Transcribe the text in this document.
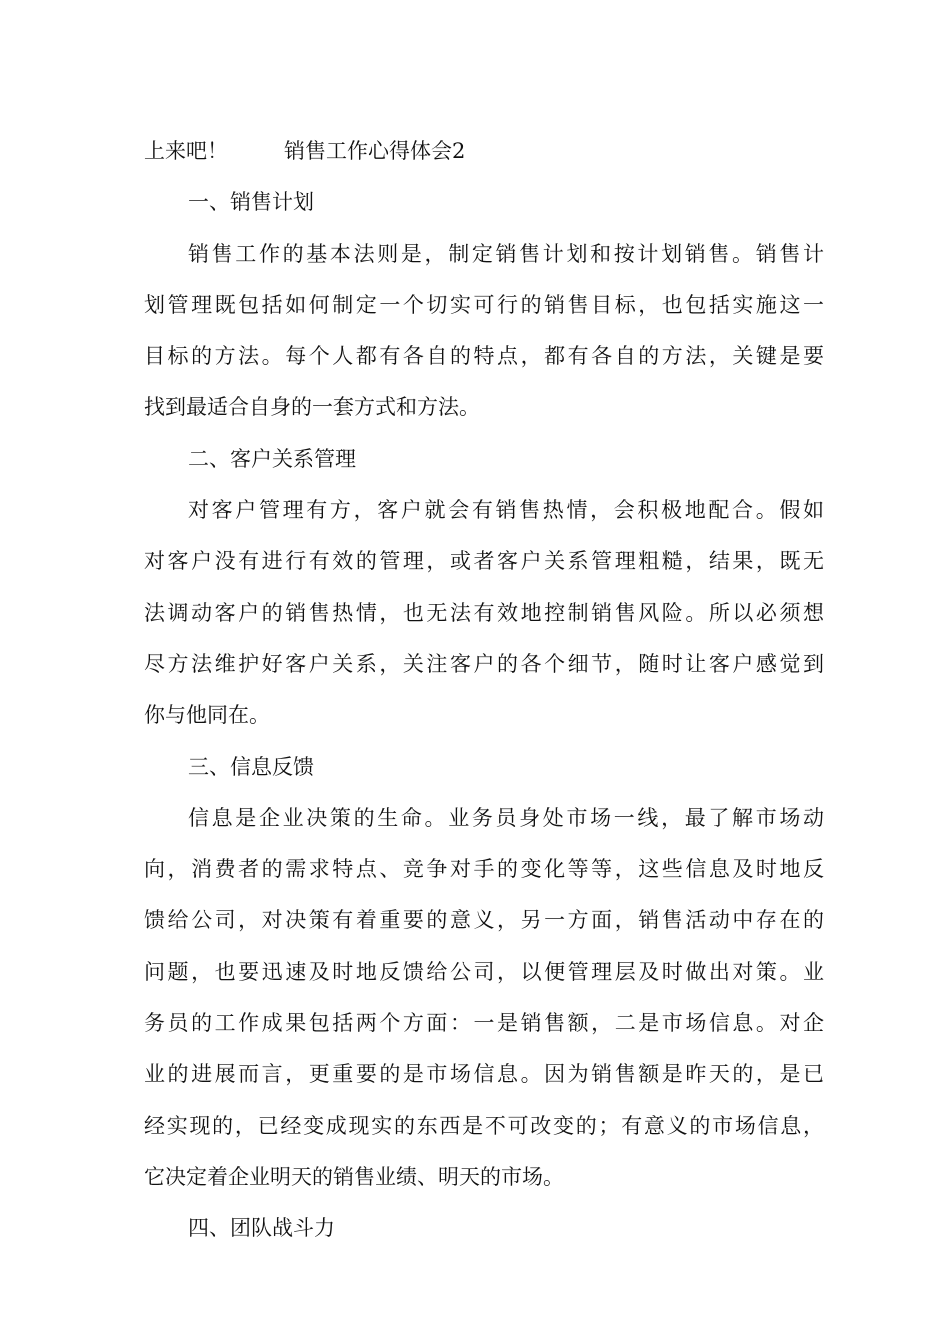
上来吧！	销售工作心得体会2
一、销售计划
销售工作的基本法则是，制定销售计划和按计划销售。销售计
划管理既包括如何制定一个切实可行的销售目标，也包括实施这一
目标的方法。每个人都有各自的特点，都有各自的方法，关键是要
找到最适合自身的一套方式和方法。
二、客户关系管理
对客户管理有方，客户就会有销售热情，会积极地配合。假如
对客户没有进行有效的管理，或者客户关系管理粗糙，结果，既无
法调动客户的销售热情，也无法有效地控制销售风险。所以必须想
尽方法维护好客户关系，关注客户的各个细节，随时让客户感觉到
你与他同在。
三、信息反馈
信息是企业决策的生命。业务员身处市场一线，最了解市场动
向，消费者的需求特点、竞争对手的变化等等，这些信息及时地反
馈给公司，对决策有着重要的意义，另一方面，销售活动中存在的
问题，也要迅速及时地反馈给公司，以便管理层及时做出对策。业
务员的工作成果包括两个方面：一是销售额，二是市场信息。对企
业的进展而言，更重要的是市场信息。因为销售额是昨天的，是已
经实现的，已经变成现实的东西是不可改变的；有意义的市场信息，
它决定着企业明天的销售业绩、明天的市场。
四、团队战斗力
